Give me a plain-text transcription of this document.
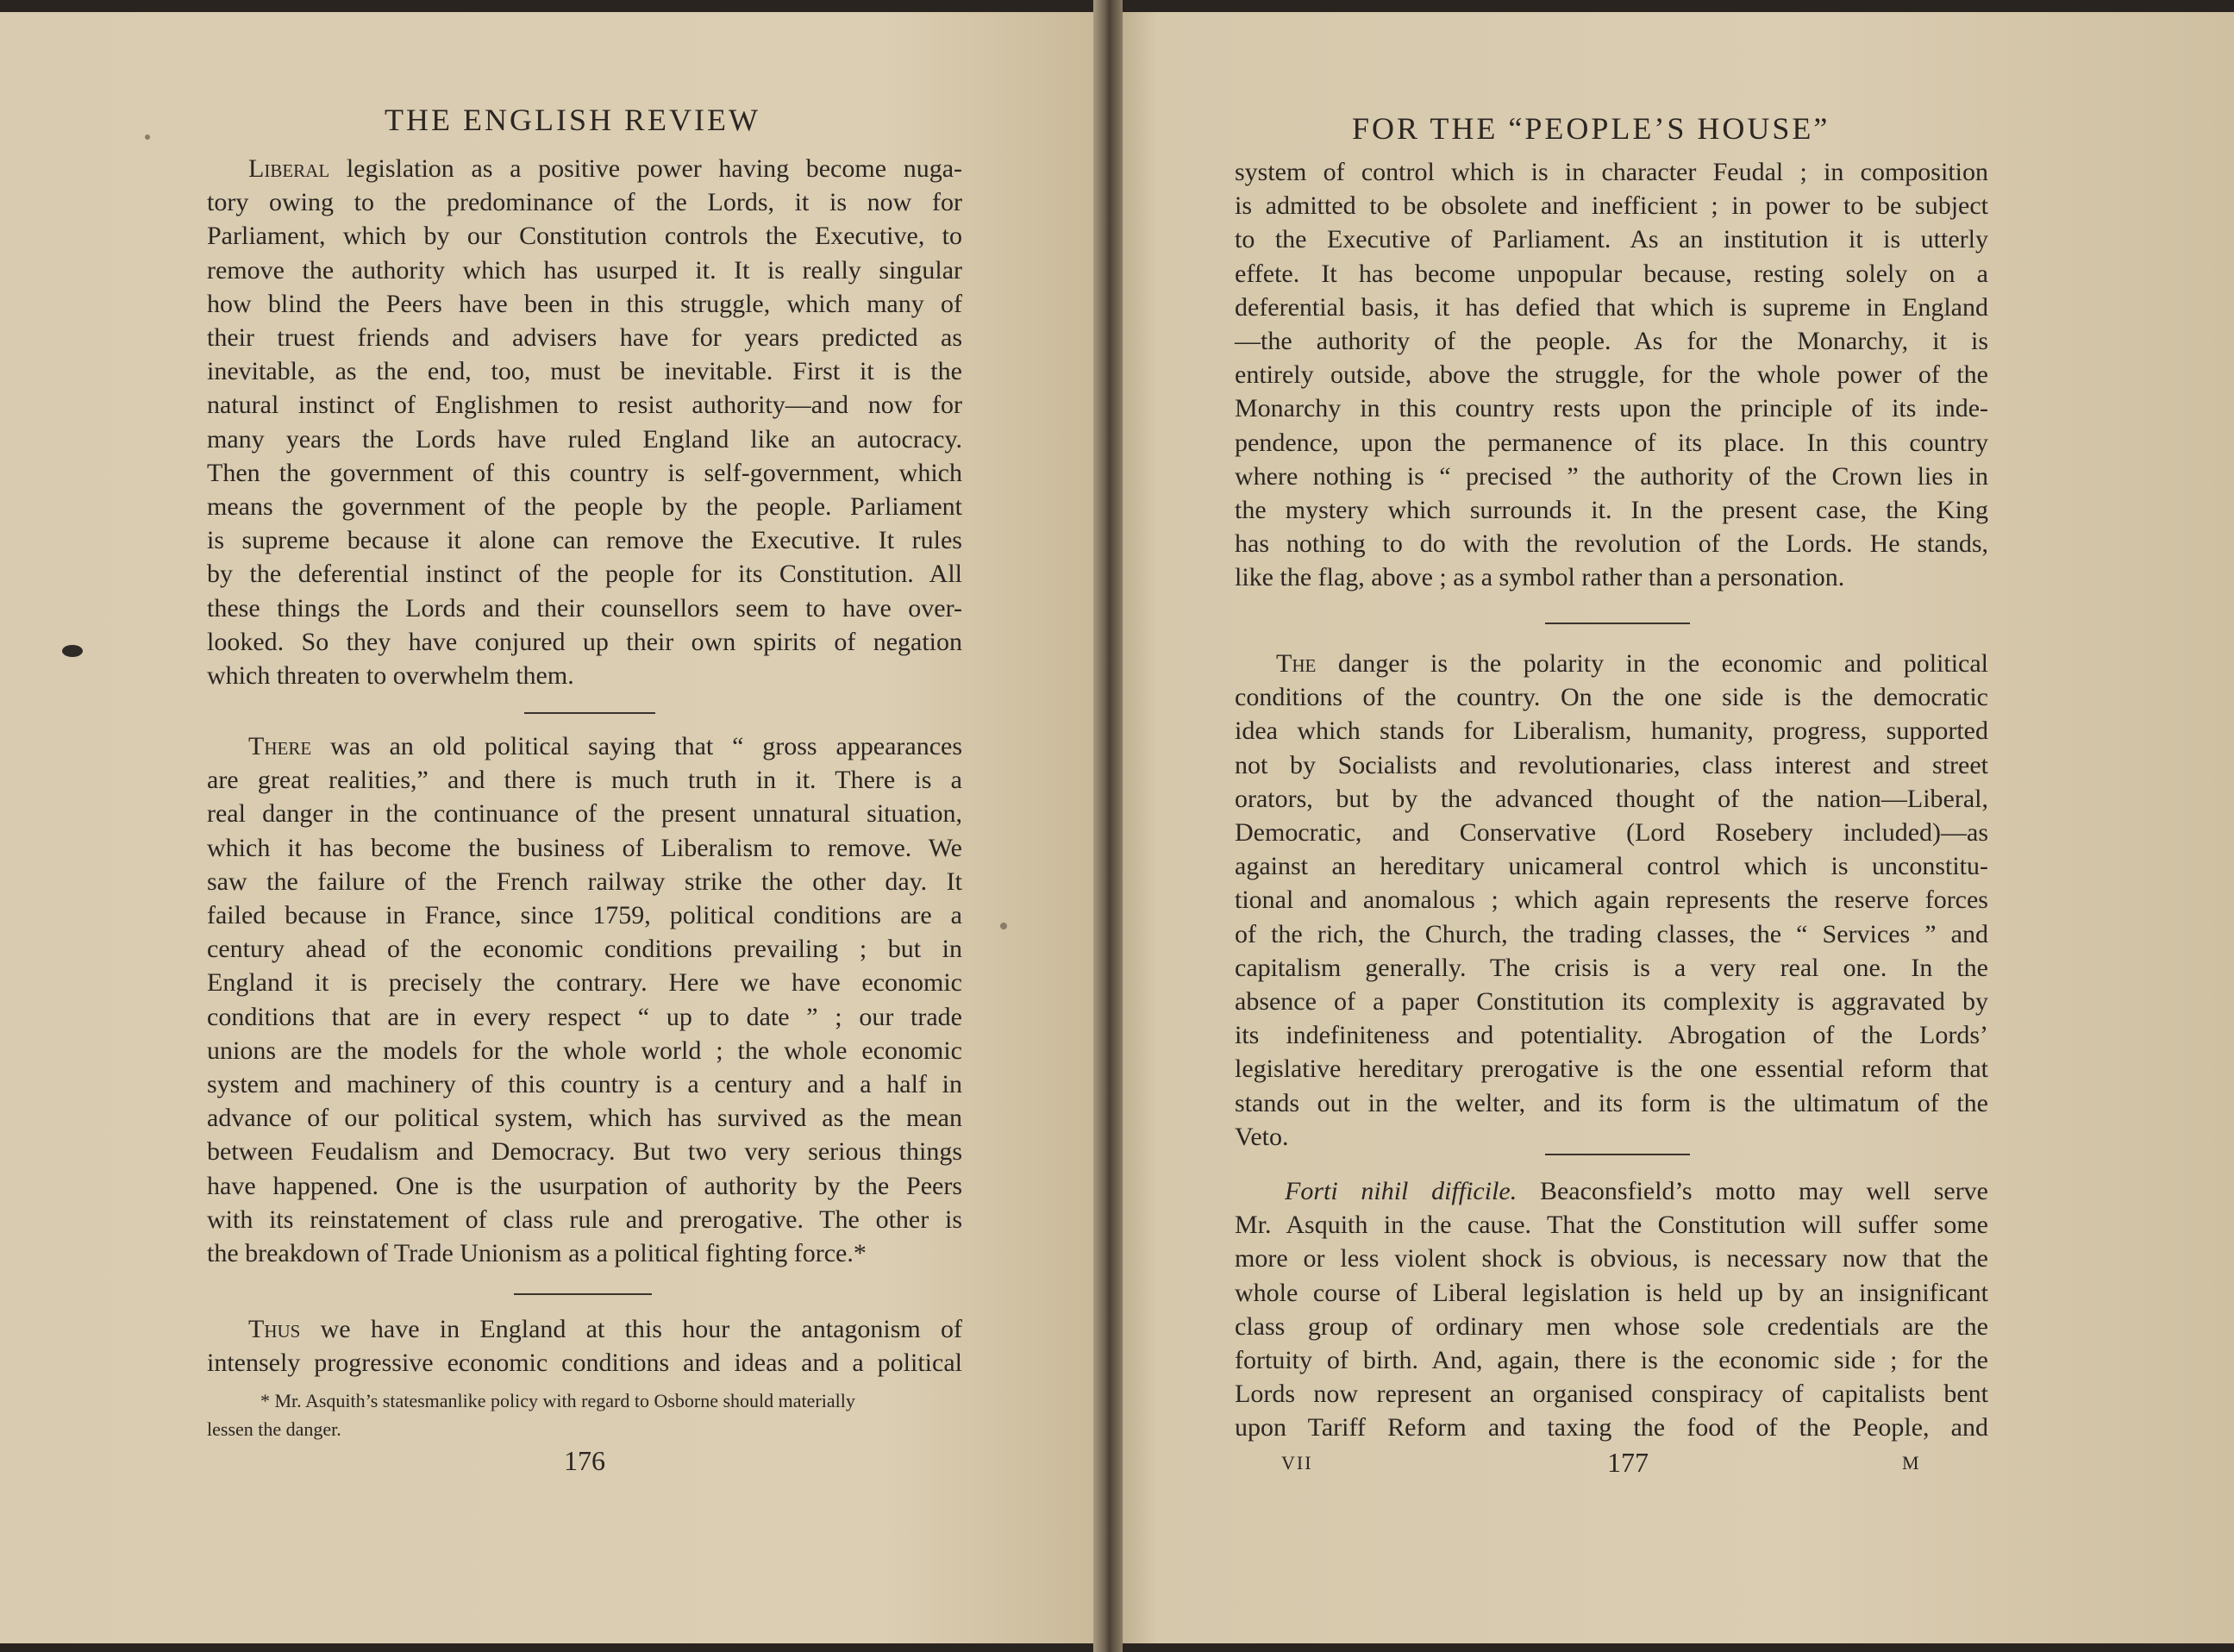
THE ENGLISH REVIEW
Liberal legislation as a positive power having become nuga-
tory owing to the predominance of the Lords, it is now for
Parliament, which by our Constitution controls the Executive, to
remove the authority which has usurped it. It is really singular
how blind the Peers have been in this struggle, which many of
their truest friends and advisers have for years predicted as
inevitable, as the end, too, must be inevitable. First it is the
natural instinct of Englishmen to resist authority—and now for
many years the Lords have ruled England like an autocracy.
Then the government of this country is self-government, which
means the government of the people by the people. Parliament
is supreme because it alone can remove the Executive. It rules
by the deferential instinct of the people for its Constitution. All
these things the Lords and their counsellors seem to have over-
looked. So they have conjured up their own spirits of negation
which threaten to overwhelm them.
There was an old political saying that “ gross appearances
are great realities,” and there is much truth in it. There is a
real danger in the continuance of the present unnatural situation,
which it has become the business of Liberalism to remove. We
saw the failure of the French railway strike the other day. It
failed because in France, since 1759, political conditions are a
century ahead of the economic conditions prevailing ; but in
England it is precisely the contrary. Here we have economic
conditions that are in every respect “ up to date ” ; our trade
unions are the models for the whole world ; the whole economic
system and machinery of this country is a century and a half in
advance of our political system, which has survived as the mean
between Feudalism and Democracy. But two very serious things
have happened. One is the usurpation of authority by the Peers
with its reinstatement of class rule and prerogative. The other is
the breakdown of Trade Unionism as a political fighting force.*
Thus we have in England at this hour the antagonism of
intensely progressive economic conditions and ideas and a political
* Mr. Asquith’s statesmanlike policy with regard to Osborne should materially
lessen the danger.
176
FOR THE “PEOPLE’S HOUSE”
system of control which is in character Feudal ; in composition
is admitted to be obsolete and inefficient ; in power to be subject
to the Executive of Parliament. As an institution it is utterly
effete. It has become unpopular because, resting solely on a
deferential basis, it has defied that which is supreme in England
—the authority of the people. As for the Monarchy, it is
entirely outside, above the struggle, for the whole power of the
Monarchy in this country rests upon the principle of its inde-
pendence, upon the permanence of its place. In this country
where nothing is “ precised ” the authority of the Crown lies in
the mystery which surrounds it. In the present case, the King
has nothing to do with the revolution of the Lords. He stands,
like the flag, above ; as a symbol rather than a personation.
The danger is the polarity in the economic and political
conditions of the country. On the one side is the democratic
idea which stands for Liberalism, humanity, progress, supported
not by Socialists and revolutionaries, class interest and street
orators, but by the advanced thought of the nation—Liberal,
Democratic, and Conservative (Lord Rosebery included)—as
against an hereditary unicameral control which is unconstitu-
tional and anomalous ; which again represents the reserve forces
of the rich, the Church, the trading classes, the “ Services ” and
capitalism generally. The crisis is a very real one. In the
absence of a paper Constitution its complexity is aggravated by
its indefiniteness and potentiality. Abrogation of the Lords’
legislative hereditary prerogative is the one essential reform that
stands out in the welter, and its form is the ultimatum of the
Veto.
Forti nihil difficile. Beaconsfield’s motto may well serve
Mr. Asquith in the cause. That the Constitution will suffer some
more or less violent shock is obvious, is necessary now that the
whole course of Liberal legislation is held up by an insignificant
class group of ordinary men whose sole credentials are the
fortuity of birth. And, again, there is the economic side ; for the
Lords now represent an organised conspiracy of capitalists bent
upon Tariff Reform and taxing the food of the People, and
VII	177	M
